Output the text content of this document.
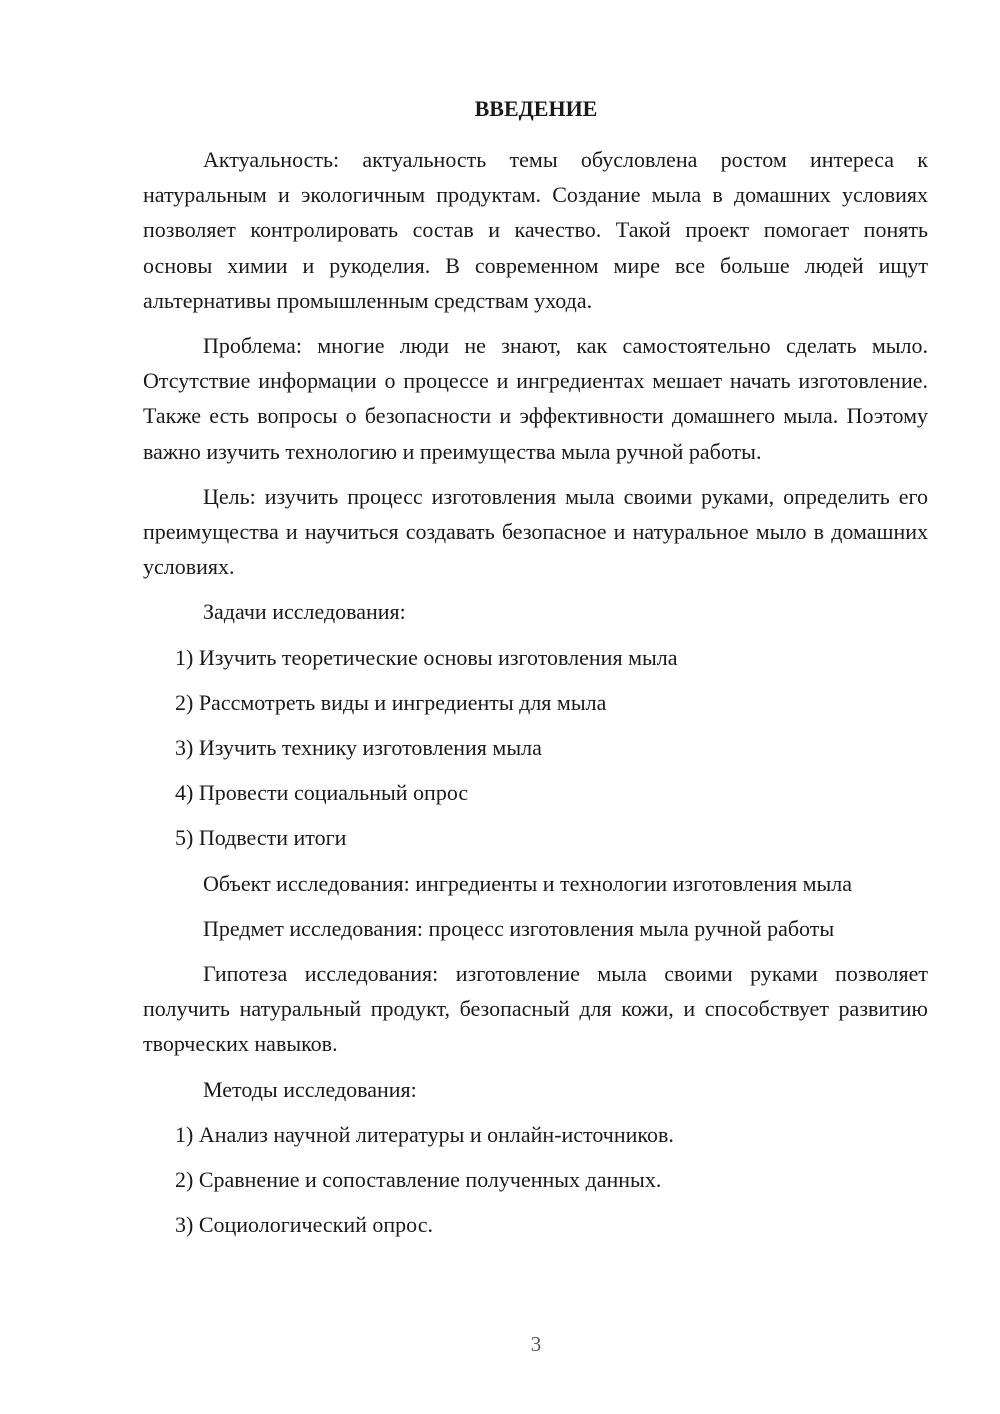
ВВЕДЕНИЕ

Актуальность: актуальность темы обусловлена ростом интереса к натуральным и экологичным продуктам. Создание мыла в домашних условиях позволяет контролировать состав и качество. Такой проект помогает понять основы химии и рукоделия. В современном мире все больше людей ищут альтернативы промышленным средствам ухода.

Проблема: многие люди не знают, как самостоятельно сделать мыло. Отсутствие информации о процессе и ингредиентах мешает начать изготовление. Также есть вопросы о безопасности и эффективности домашнего мыла. Поэтому важно изучить технологию и преимущества мыла ручной работы.

Цель: изучить процесс изготовления мыла своими руками, определить его преимущества и научиться создавать безопасное и натуральное мыло в домашних условиях.

Задачи исследования:

1) Изучить теоретические основы изготовления мыла

2) Рассмотреть виды и ингредиенты для мыла

3) Изучить технику изготовления мыла

4) Провести социальный опрос

5) Подвести итоги

Объект исследования: ингредиенты и технологии изготовления мыла

Предмет исследования: процесс изготовления мыла ручной работы

Гипотеза исследования: изготовление мыла своими руками позволяет получить натуральный продукт, безопасный для кожи, и способствует развитию творческих навыков.

Методы исследования:

1) Анализ научной литературы и онлайн-источников.

2) Сравнение и сопоставление полученных данных.

3) Социологический опрос.

3
